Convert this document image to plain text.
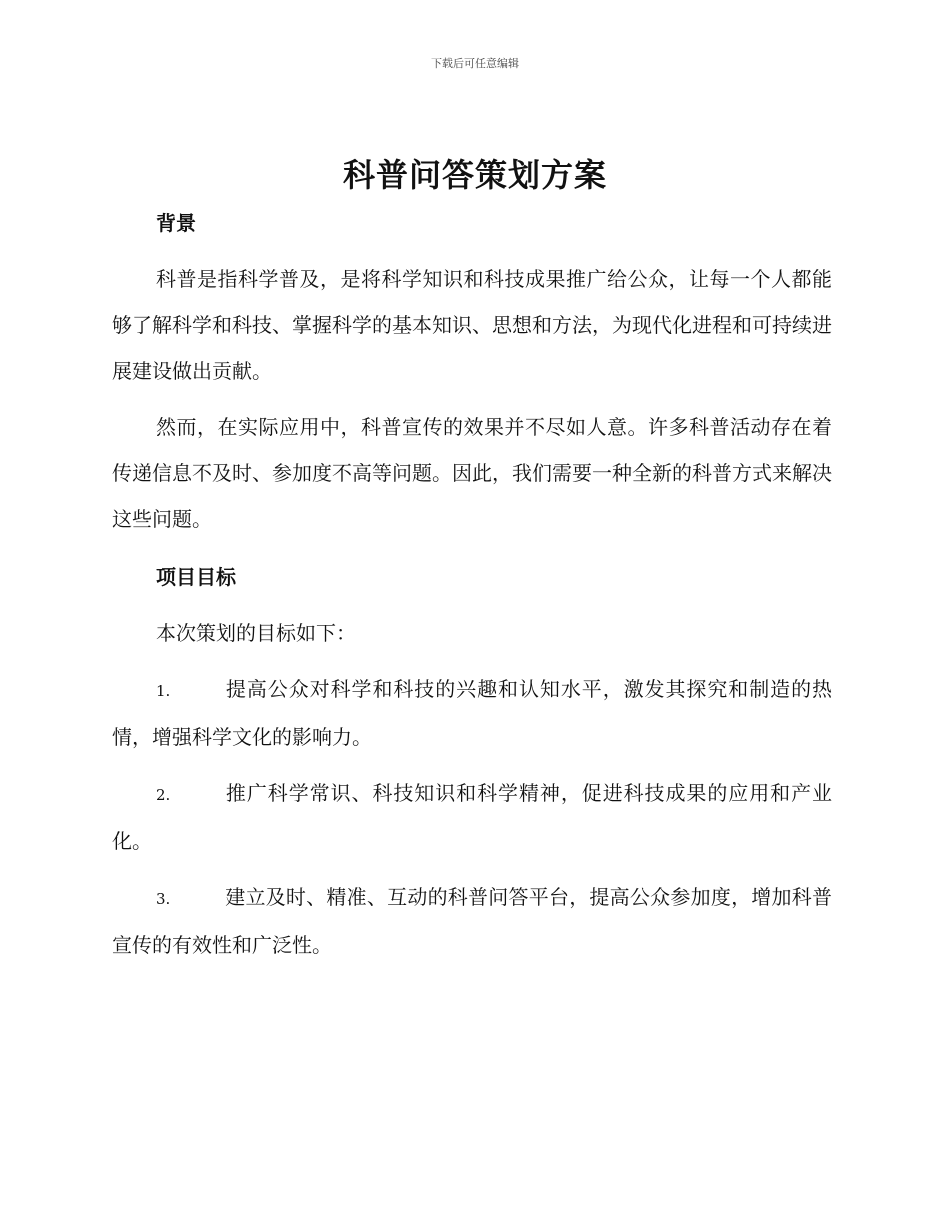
下载后可任意编辑
科普问答策划方案

背景

科普是指科学普及，是将科学知识和科技成果推广给公众，让每一个人都能够了解科学和科技、掌握科学的基本知识、思想和方法，为现代化进程和可持续进展建设做出贡献。

然而，在实际应用中，科普宣传的效果并不尽如人意。许多科普活动存在着传递信息不及时、参加度不高等问题。因此，我们需要一种全新的科普方式来解决这些问题。

项目目标

本次策划的目标如下：

1.	提高公众对科学和科技的兴趣和认知水平，激发其探究和制造的热情，增强科学文化的影响力。

2.	推广科学常识、科技知识和科学精神，促进科技成果的应用和产业化。

3.	建立及时、精准、互动的科普问答平台，提高公众参加度，增加科普宣传的有效性和广泛性。
